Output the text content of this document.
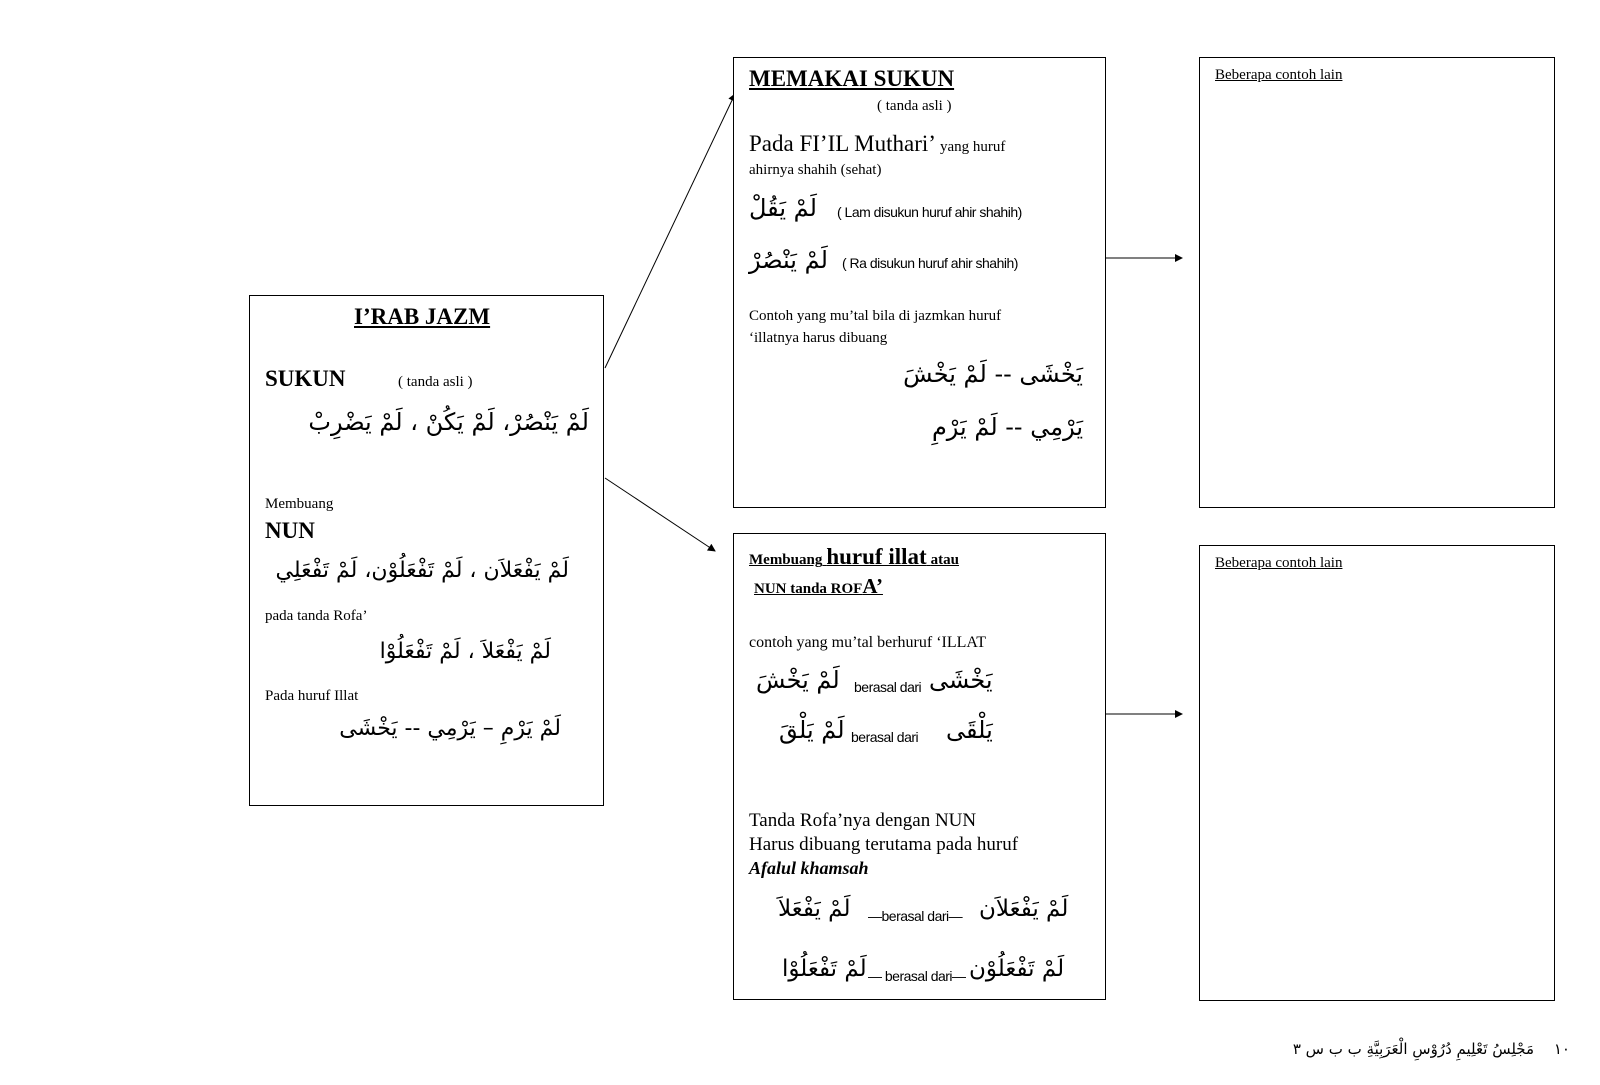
I’RAB JAZM
SUKUN	( tanda asli )
لَمْ يَنْصُرْ، لَمْ يَكُنْ ، لَمْ يَضْرِبْ
Membuang
NUN
لَمْ يَفْعَلاَن ، لَمْ تَفْعَلُوْن، لَمْ تَفْعَلِي
pada tanda Rofa’
لَمْ يَفْعَلاَ ، لَمْ تَفْعَلُوْا
Pada huruf Illat
لَمْ يَرْمِ – يَرْمِي -- يَخْشَى
MEMAKAI SUKUN
( tanda asli )
Pada FI’IL Muthari’ yang huruf
ahirnya shahih (sehat)
لَمْ يَقُلْ ( Lam disukun huruf ahir shahih)
لَمْ يَنْصُرْ ( Ra disukun huruf ahir shahih)
Contoh yang mu’tal bila di jazmkan huruf
‘illatnya harus dibuang
يَخْشَى -- لَمْ يَخْشَ
يَرْمِي -- لَمْ يَرْمِ
Membuang huruf illat atau
NUN tanda ROFA’
contoh yang mu’tal berhuruf ‘ILLAT
لَمْ يَخْشَ berasal dari يَخْشَى
لَمْ يَلْقَ berasal dari يَلْقَى
Tanda Rofa’nya dengan NUN
Harus dibuang terutama pada huruf
Afalul khamsah
لَمْ يَفْعَلاَ —berasal dari— لَمْ يَفْعَلاَن
لَمْ تَفْعَلُوْا — berasal dari— لَمْ تَفْعَلُوْن
Beberapa contoh lain
Beberapa contoh lain
مَجْلِسُ تَعْلِيمِ دُرُوْسِ الْعَرَبِيَّةِ ب ب س ٣ ١٠
